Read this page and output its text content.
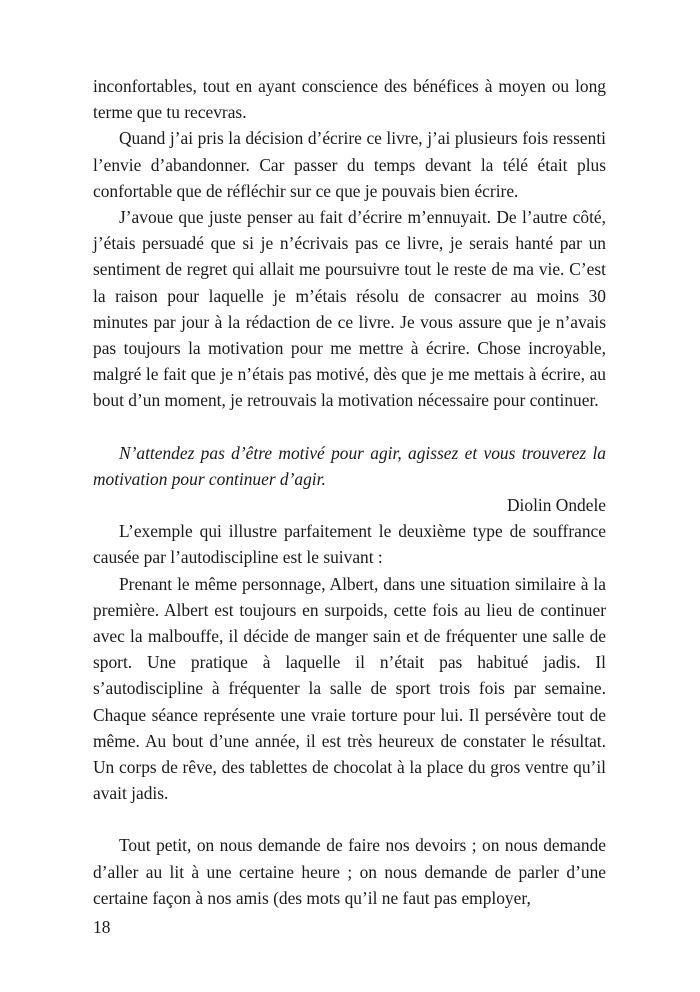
inconfortables, tout en ayant conscience des bénéfices à moyen ou long terme que tu recevras.

Quand j’ai pris la décision d’écrire ce livre, j’ai plusieurs fois ressenti l’envie d’abandonner. Car passer du temps devant la télé était plus confortable que de réfléchir sur ce que je pouvais bien écrire.

J’avoue que juste penser au fait d’écrire m’ennuyait. De l’autre côté, j’étais persuadé que si je n’écrivais pas ce livre, je serais hanté par un sentiment de regret qui allait me poursuivre tout le reste de ma vie. C’est la raison pour laquelle je m’étais résolu de consacrer au moins 30 minutes par jour à la rédaction de ce livre. Je vous assure que je n’avais pas toujours la motivation pour me mettre à écrire. Chose incroyable, malgré le fait que je n’étais pas motivé, dès que je me mettais à écrire, au bout d’un moment, je retrouvais la motivation nécessaire pour continuer.

N’attendez pas d’être motivé pour agir, agissez et vous trouverez la motivation pour continuer d’agir.

Diolin Ondele

L’exemple qui illustre parfaitement le deuxième type de souffrance causée par l’autodiscipline est le suivant :

Prenant le même personnage, Albert, dans une situation similaire à la première. Albert est toujours en surpoids, cette fois au lieu de continuer avec la malbouffe, il décide de manger sain et de fréquenter une salle de sport. Une pratique à laquelle il n’était pas habitué jadis. Il s’autodiscipline à fréquenter la salle de sport trois fois par semaine. Chaque séance représente une vraie torture pour lui. Il persévère tout de même. Au bout d’une année, il est très heureux de constater le résultat. Un corps de rêve, des tablettes de chocolat à la place du gros ventre qu’il avait jadis.

Tout petit, on nous demande de faire nos devoirs ; on nous demande d’aller au lit à une certaine heure ; on nous demande de parler d’une certaine façon à nos amis (des mots qu’il ne faut pas employer,

18
